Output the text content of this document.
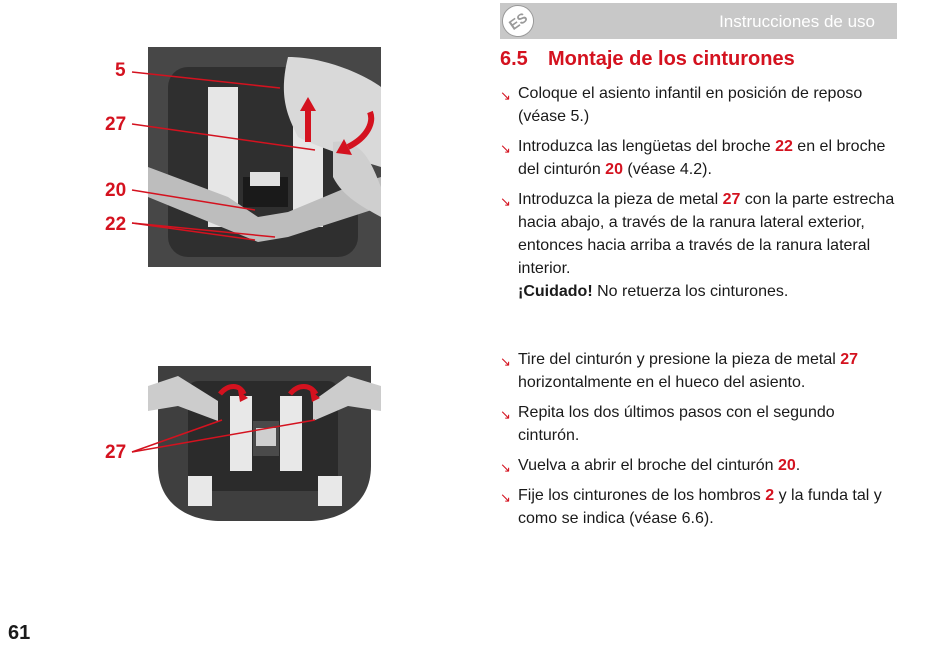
Instrucciones de uso
ES
6.5 Montaje de los cinturones
↘ Coloque el asiento infantil en posición de reposo (véase 5.)
↘ Introduzca las lengüetas del broche 22 en el broche del cinturón 20 (véase 4.2).
↘ Introduzca la pieza de metal 27 con la parte estrecha hacia abajo, a través de la ranura lateral exterior, entonces hacia arriba a través de la ranura lateral interior.
¡Cuidado! No retuerza los cinturones.
↘ Tire del cinturón y presione la pieza de metal 27 horizontalmente en el hueco del asiento.
↘ Repita los dos últimos pasos con el segundo cinturón.
↘ Vuelva a abrir el broche del cinturón 20.
↘ Fije los cinturones de los hombros 2 y la funda tal y como se indica (véase 6.6).
5
27
20
22
27
61
